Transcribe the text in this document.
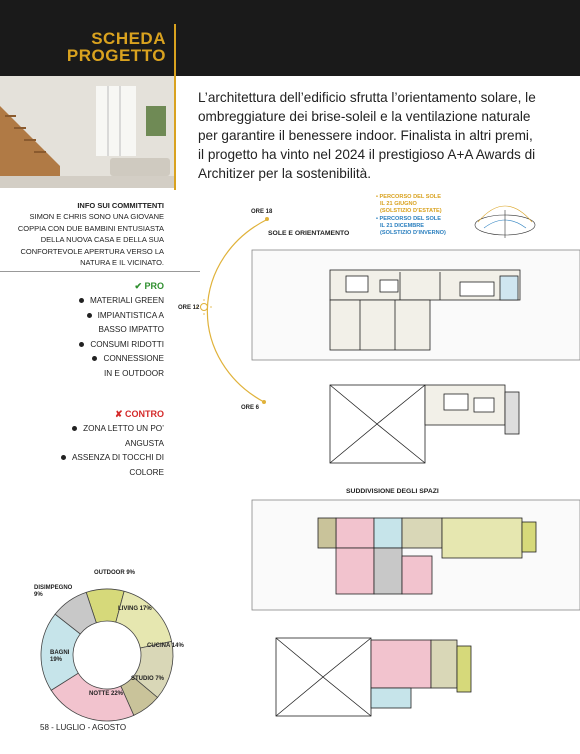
SCHEDA
PROGETTO
L’architettura dell’edificio sfrutta l’orientamento solare, le ombreggiature dei brise-soleil e la ventilazione naturale per garantire il benessere indoor. Finalista in altri premi, il progetto ha vinto nel 2024 il prestigioso A+A Awards di Architizer per la sostenibilità.
INFO SUI COMMITTENTI
SIMON E CHRIS SONO UNA GIOVANE COPPIA CON DUE BAMBINI ENTUSIASTA DELLA NUOVA CASA E DELLA SUA CONFORTEVOLE APERTURA VERSO LA NATURA E IL VICINATO.
✔ PRO
MATERIALI GREEN
IMPIANTISTICA A BASSO IMPATTO
CONSUMI RIDOTTI
CONNESSIONE IN E OUTDOOR
✘ CONTRO
ZONA LETTO UN PO’ ANGUSTA
ASSENZA DI TOCCHI DI COLORE
OUTDOOR 9%
LIVING 17%
CUCINA 14%
STUDIO 7%
NOTTE 22%
BAGNI 19%
DISIMPEGNO 9%
ORE 18
ORE 12
ORE 6
SOLE E ORIENTAMENTO
• PERCORSO DEL SOLE
IL 21 GIUGNO
(SOLSTIZIO D’ESTATE)
• PERCORSO DEL SOLE
IL 21 DICEMBRE
(SOLSTIZIO D’INVERNO)
SUDDIVISIONE DEGLI SPAZI
58 - LUGLIO - AGOSTO
